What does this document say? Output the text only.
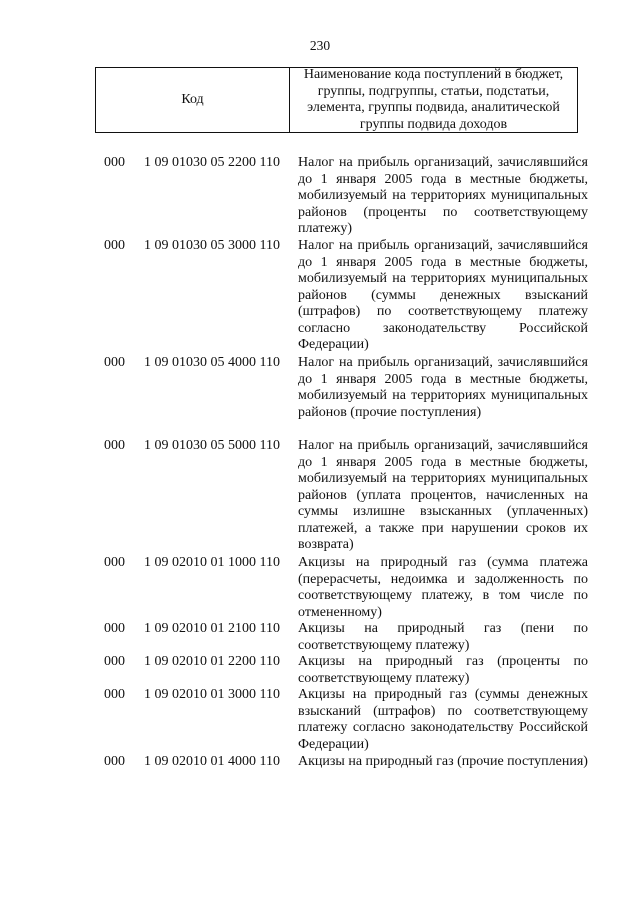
230
Код
Наименование кода поступлений в бюджет, группы, подгруппы, статьи, подстатьи, элемента, группы подвида, аналитической группы подвида доходов
000 1 09 01030 05 2200 110 Налог на прибыль организаций, зачислявшийся до 1 января 2005 года в местные бюджеты, мобилизуемый на территориях муниципальных районов (проценты по соответствующему платежу)
000 1 09 01030 05 3000 110 Налог на прибыль организаций, зачислявшийся до 1 января 2005 года в местные бюджеты, мобилизуемый на территориях муниципальных районов (суммы денежных взысканий (штрафов) по соответствующему платежу согласно законодательству Российской Федерации)
000 1 09 01030 05 4000 110 Налог на прибыль организаций, зачислявшийся до 1 января 2005 года в местные бюджеты, мобилизуемый на территориях муниципальных районов (прочие поступления)
000 1 09 01030 05 5000 110 Налог на прибыль организаций, зачислявшийся до 1 января 2005 года в местные бюджеты, мобилизуемый на территориях муниципальных районов (уплата процентов, начисленных на суммы излишне взысканных (уплаченных) платежей, а также при нарушении сроков их возврата)
000 1 09 02010 01 1000 110 Акцизы на природный газ (сумма платежа (перерасчеты, недоимка и задолженность по соответствующему платежу, в том числе по отмененному)
000 1 09 02010 01 2100 110 Акцизы на природный газ (пени по соответствующему платежу)
000 1 09 02010 01 2200 110 Акцизы на природный газ (проценты по соответствующему платежу)
000 1 09 02010 01 3000 110 Акцизы на природный газ (суммы денежных взысканий (штрафов) по соответствующему платежу согласно законодательству Российской Федерации)
000 1 09 02010 01 4000 110 Акцизы на природный газ (прочие поступления)
